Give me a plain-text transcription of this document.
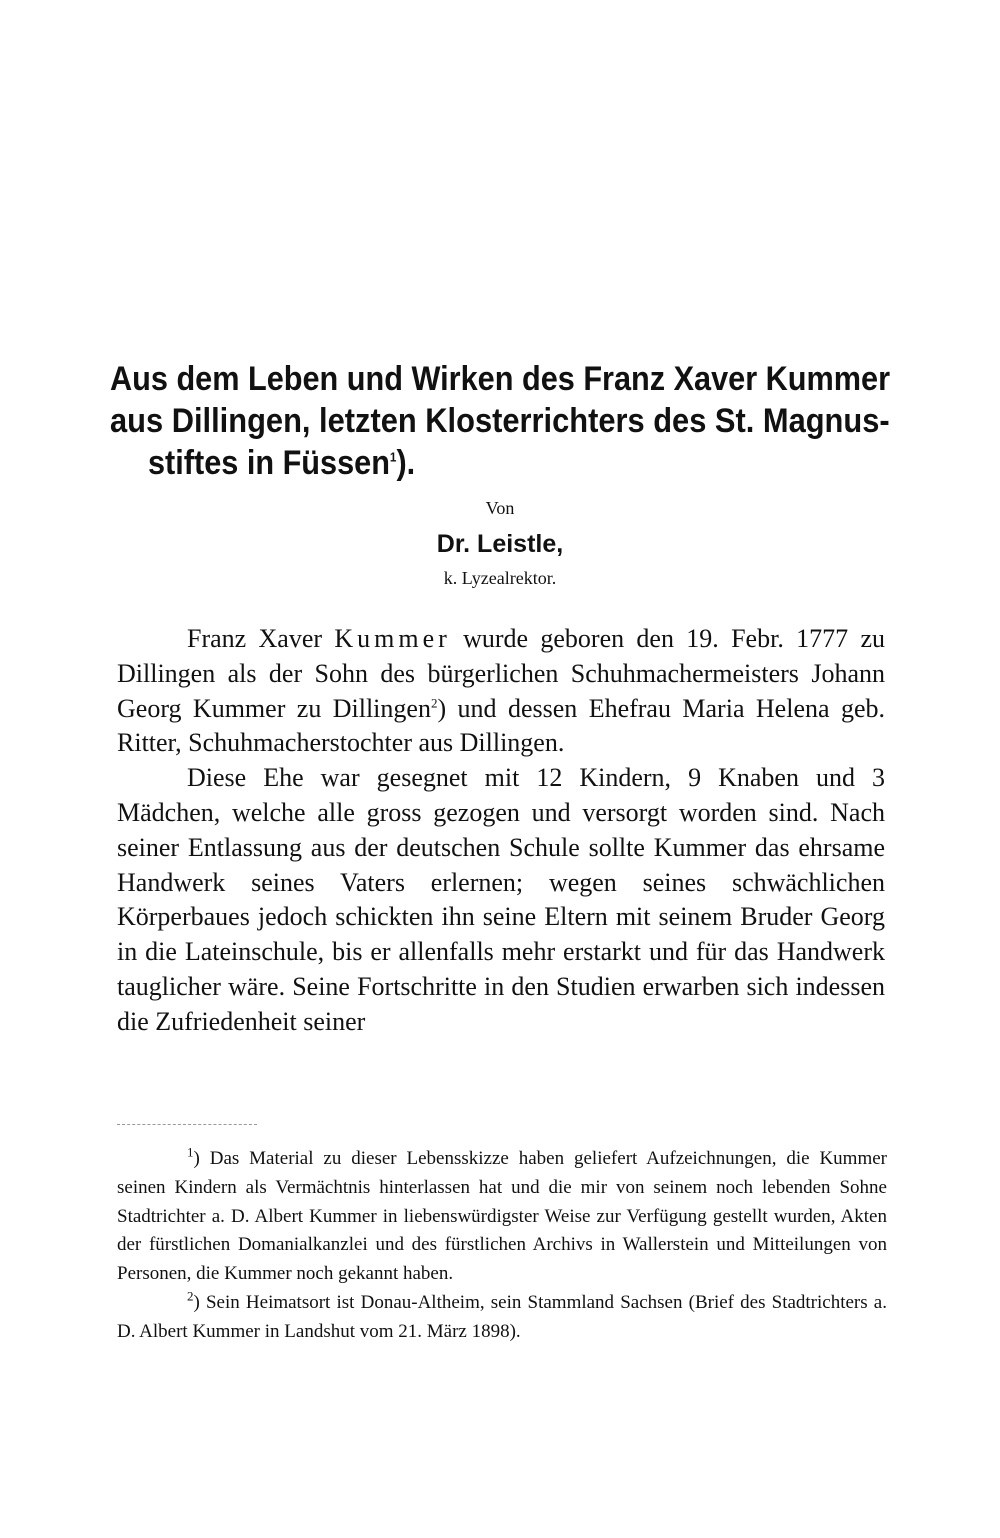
Aus dem Leben und Wirken des Franz Xaver Kummer
aus Dillingen, letzten Klosterrichters des St. Magnus-
stiftes in Füssen$^1$).
Von
Dr. Leistle,
k. Lyzealrektor.

Franz Xaver Kummer wurde geboren den 19. Febr. 1777 zu Dillingen als der Sohn des bürgerlichen Schuhmachermeisters Johann Georg Kummer zu Dillingen$^2$) und dessen Ehefrau Maria Helena geb. Ritter, Schuhmacherstochter aus Dillingen.

Diese Ehe war gesegnet mit 12 Kindern, 9 Knaben und 3 Mädchen, welche alle gross gezogen und versorgt worden sind. Nach seiner Entlassung aus der deutschen Schule sollte Kummer das ehrsame Handwerk seines Vaters erlernen; wegen seines schwächlichen Körperbaues jedoch schickten ihn seine Eltern mit seinem Bruder Georg in die Lateinschule, bis er allenfalls mehr erstarkt und für das Handwerk tauglicher wäre. Seine Fortschritte in den Studien erwarben sich indessen die Zufriedenheit seiner

$^1$) Das Material zu dieser Lebensskizze haben geliefert Aufzeichnungen, die Kummer seinen Kindern als Vermächtnis hinterlassen hat und die mir von seinem noch lebenden Sohne Stadtrichter a. D. Albert Kummer in liebenswürdigster Weise zur Verfügung gestellt wurden, Akten der fürstlichen Domanialkanzlei und des fürstlichen Archivs in Wallerstein und Mitteilungen von Personen, die Kummer noch gekannt haben.

$^2$) Sein Heimatsort ist Donau-Altheim, sein Stammland Sachsen (Brief des Stadtrichters a. D. Albert Kummer in Landshut vom 21. März 1898).
